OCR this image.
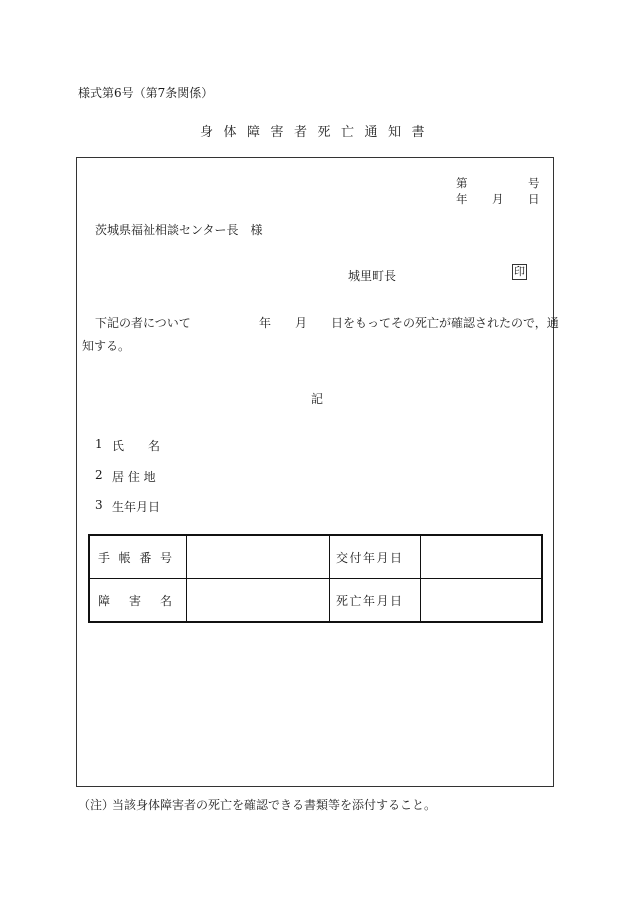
様式第6号（第7条関係）
身体障害者死亡通知書
第	号
年 月 日
茨城県福祉相談センター長　様
城里町長	印
下記の者について	年 月 日をもってその死亡が確認されたので，通
知する。
記
1 氏　　名
2 居 住 地
3 生年月日
手 帳 番 号		交 付 年 月 日	

障 害 名		死 亡 年 月 日	

（注）
当該身体障害者の死亡を確認できる書類等を添付すること。
